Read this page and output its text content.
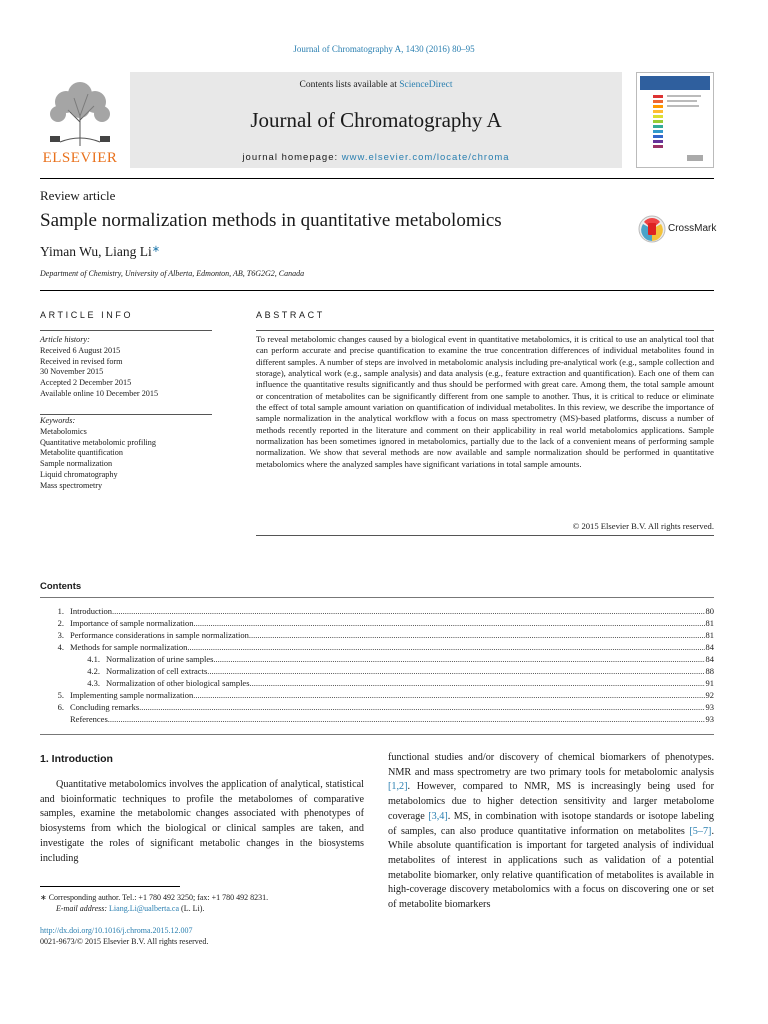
Journal of Chromatography A, 1430 (2016) 80–95
Contents lists available at ScienceDirect
Journal of Chromatography A
journal homepage: www.elsevier.com/locate/chroma
ELSEVIER
Review article
Sample normalization methods in quantitative metabolomics
Yiman Wu, Liang Li∗
Department of Chemistry, University of Alberta, Edmonton, AB, T6G2G2, Canada
CrossMark
ARTICLE INFO	ABSTRACT
Article history:
Received 6 August 2015
Received in revised form
30 November 2015
Accepted 2 December 2015
Available online 10 December 2015
Keywords:
Metabolomics
Quantitative metabolomic profiling
Metabolite quantification
Sample normalization
Liquid chromatography
Mass spectrometry
To reveal metabolomic changes caused by a biological event in quantitative metabolomics, it is critical to use an analytical tool that can perform accurate and precise quantification to examine the true concentration differences of individual metabolites found in different samples. A number of steps are involved in metabolomic analysis including pre-analytical work (e.g., sample collection and storage), analytical work (e.g., sample analysis) and data analysis (e.g., feature extraction and quantification). Each one of them can influence the quantitative results significantly and thus should be performed with great care. Among them, the total sample amount or concentration of metabolites can be significantly different from one sample to another. Thus, it is critical to reduce or eliminate the effect of total sample amount variation on quantification of individual metabolites. In this review, we describe the importance of sample normalization in the analytical workflow with a focus on mass spectrometry (MS)-based platforms, discuss a number of methods recently reported in the literature and comment on their applicability in real world metabolomics applications. Sample normalization has been sometimes ignored in metabolomics, partially due to the lack of a convenient means of performing sample normalization. We show that several methods are now available and sample normalization should be performed in quantitative metabolomics where the analyzed samples have significant variations in total sample amounts.
© 2015 Elsevier B.V. All rights reserved.
Contents
1. Introduction .....	80
2. Importance of sample normalization .....	81
3. Performance considerations in sample normalization .....	81
4. Methods for sample normalization .....	84
4.1. Normalization of urine samples .....	84
4.2. Normalization of cell extracts .....	88
4.3. Normalization of other biological samples .....	91
5. Implementing sample normalization .....	92
6. Concluding remarks .....	93
References .....	93
1. Introduction

Quantitative metabolomics involves the application of analytical, statistical and bioinformatic techniques to profile the metabolomes of comparative samples, examine the metabolomic changes associated with phenotypes of biosystems from which the biological or clinical samples are taken, and investigate the roles of significant metabolic changes in the biosystems including

functional studies and/or discovery of chemical biomarkers of phenotypes. NMR and mass spectrometry are two primary tools for metabolomic analysis [1,2]. However, compared to NMR, MS is increasingly being used for metabolomics due to higher detection sensitivity and larger metabolome coverage [3,4]. MS, in combination with isotope standards or isotope labeling of samples, can also produce quantitative information on metabolites [5–7]. While absolute quantification is important for targeted analysis of individual metabolites of interest in applications such as validation of a potential metabolite biomarker, only relative quantification of metabolites is available in high-coverage discovery metabolomics with a focus on discovering one or set of metabolite biomarkers
∗ Corresponding author. Tel.: +1 780 492 3250; fax: +1 780 492 8231.
E-mail address: Liang.Li@ualberta.ca (L. Li).
http://dx.doi.org/10.1016/j.chroma.2015.12.007
0021-9673/© 2015 Elsevier B.V. All rights reserved.
